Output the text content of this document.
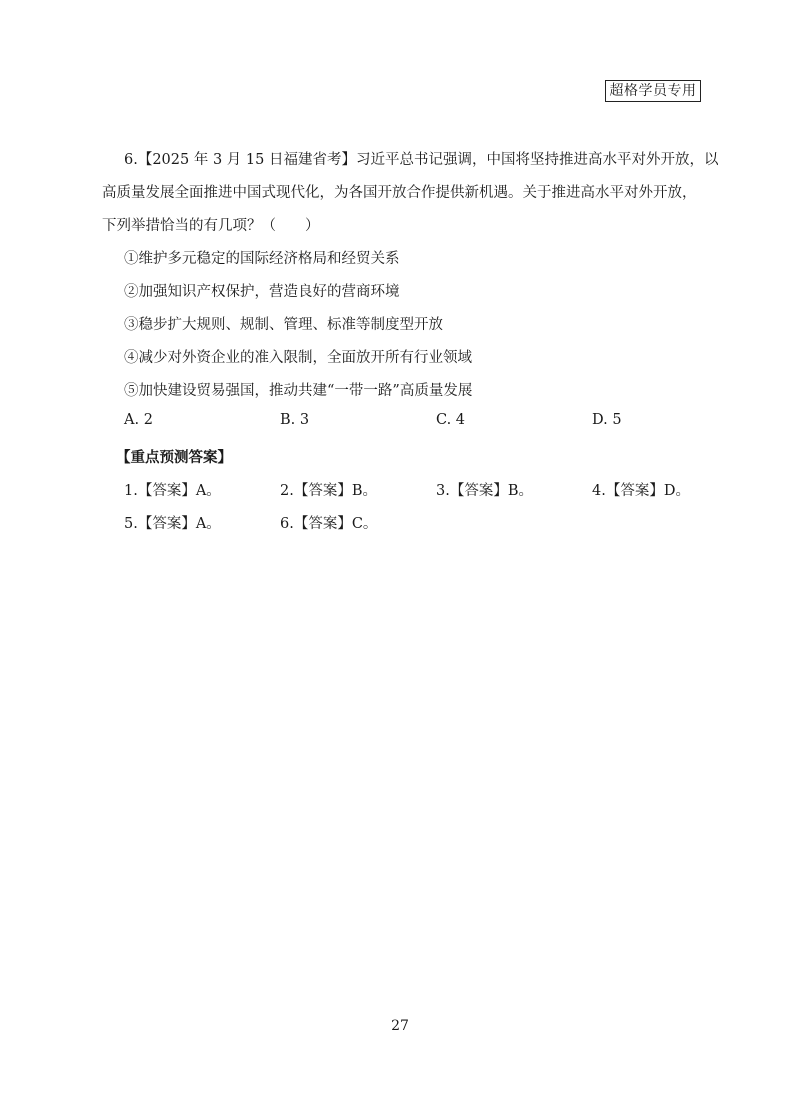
超格学员专用
6.【2025 年 3 月 15 日福建省考】习近平总书记强调，中国将坚持推进高水平对外开放，以
高质量发展全面推进中国式现代化，为各国开放合作提供新机遇。关于推进高水平对外开放，
下列举措恰当的有几项？（　　）
①维护多元稳定的国际经济格局和经贸关系
②加强知识产权保护，营造良好的营商环境
③稳步扩大规则、规制、管理、标准等制度型开放
④减少对外资企业的准入限制，全面放开所有行业领域
⑤加快建设贸易强国，推动共建“一带一路”高质量发展
A. 2	B. 3	C. 4	D. 5
【重点预测答案】
1.【答案】A。	2.【答案】B。	3.【答案】B。	4.【答案】D。
5.【答案】A。	6.【答案】C。
27
